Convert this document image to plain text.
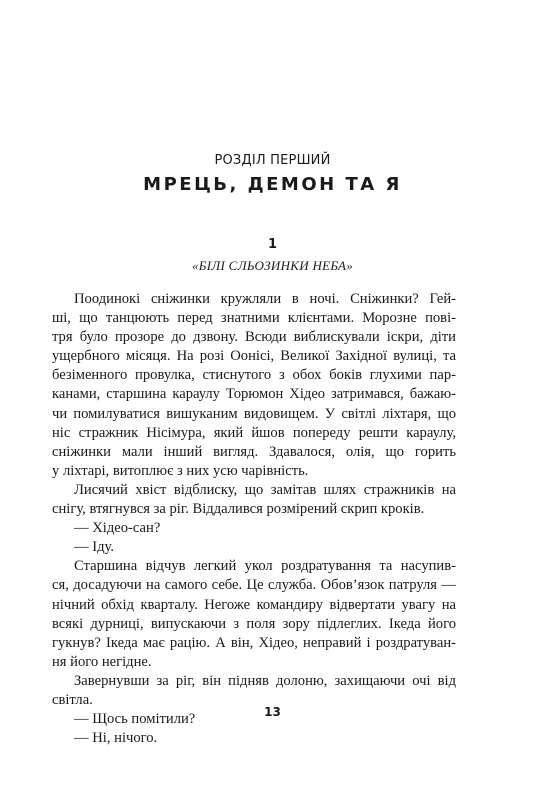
РОЗДІЛ ПЕРШИЙ
МРЕЦЬ, ДЕМОН ТА Я
1
«БІЛІ СЛЬОЗИНКИ НЕБА»

Поодинокі сніжинки кружляли в ночі. Сніжинки? Гей-
ші, що танцюють перед знатними клієнтами. Морозне пові-
тря було прозоре до дзвону. Всюди виблискували іскри, діти
ущербного місяця. На розі Оонісі, Великої Західної вулиці, та
безіменного провулка, стиснутого з обох боків глухими пар-
канами, старшина караулу Торюмон Хідео затримався, бажаю-
чи помилуватися вишуканим видовищем. У світлі ліхтаря, що
ніс стражник Нісімура, який йшов попереду решти караулу,
сніжинки мали інший вигляд. Здавалося, олія, що горить
у ліхтарі, витоплює з них усю чарівність.

Лисячий хвіст відблиску, що замітав шлях стражників на
снігу, втягнувся за ріг. Віддалився розмірений скрип кроків.

— Хідео-сан?

— Іду.

Старшина відчув легкий укол роздратування та насупив-
ся, досадуючи на самого себе. Це служба. Обов’язок патруля —
нічний обхід кварталу. Негоже командиру відвертати увагу на
всякі дурниці, випускаючи з поля зору підлеглих. Ікеда його
гукнув? Ікеда має рацію. А він, Хідео, неправий і роздратуван-
ня його негідне.

Завернувши за ріг, він підняв долоню, захищаючи очі від
світла.

— Щось помітили?

— Ні, нічого.

13
